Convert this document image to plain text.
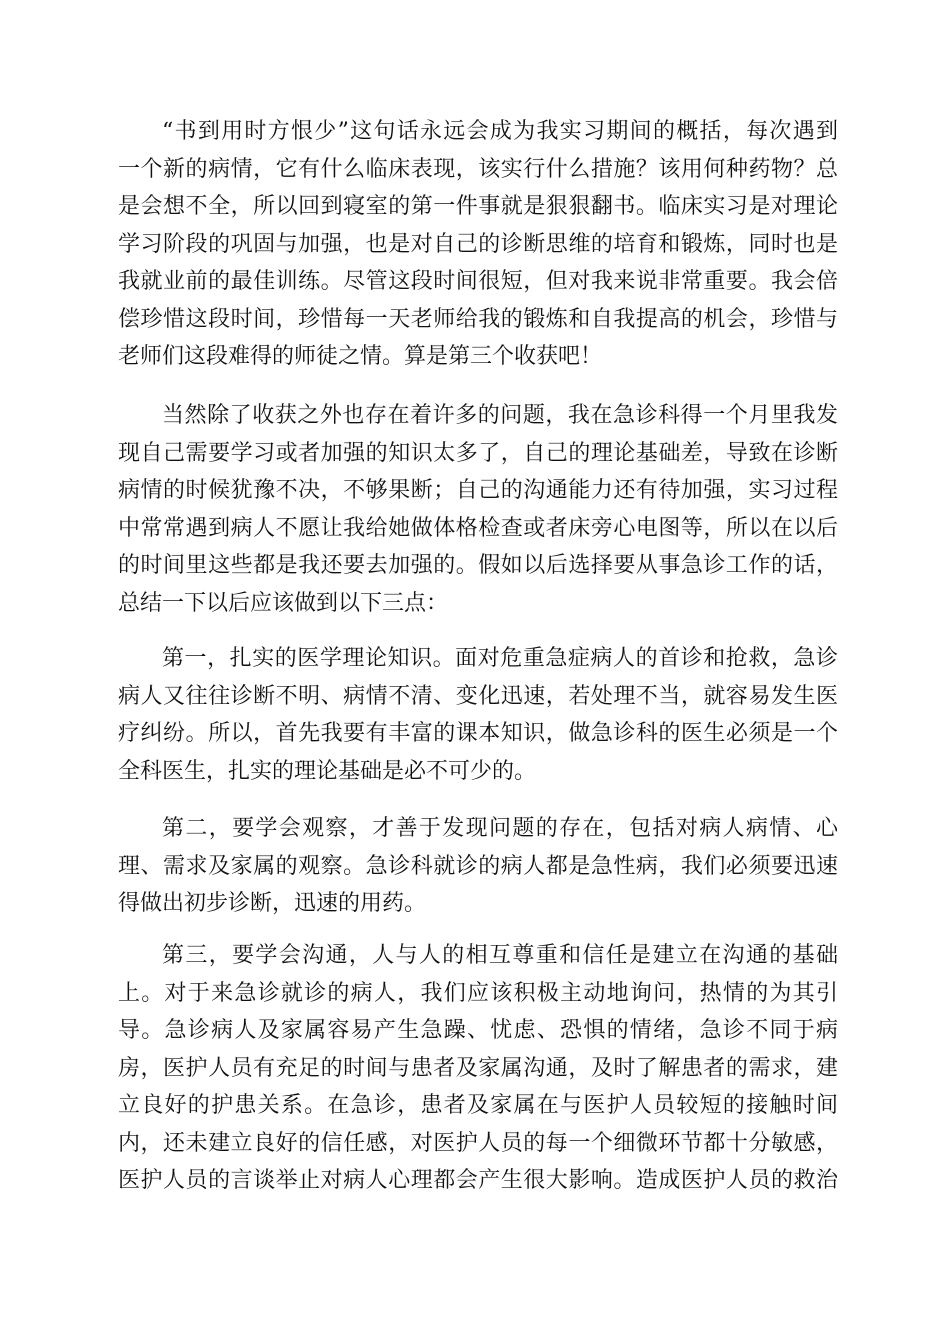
“书到用时方恨少”这句话永远会成为我实习期间的概括，每次遇到
一个新的病情，它有什么临床表现，该实行什么措施？该用何种药物？总
是会想不全，所以回到寝室的第一件事就是狠狠翻书。临床实习是对理论
学习阶段的巩固与加强，也是对自己的诊断思维的培育和锻炼，同时也是
我就业前的最佳训练。尽管这段时间很短，但对我来说非常重要。我会倍
偿珍惜这段时间，珍惜每一天老师给我的锻炼和自我提高的机会，珍惜与
老师们这段难得的师徒之情。算是第三个收获吧！
当然除了收获之外也存在着许多的问题，我在急诊科得一个月里我发
现自己需要学习或者加强的知识太多了，自己的理论基础差，导致在诊断
病情的时候犹豫不决，不够果断；自己的沟通能力还有待加强，实习过程
中常常遇到病人不愿让我给她做体格检查或者床旁心电图等，所以在以后
的时间里这些都是我还要去加强的。假如以后选择要从事急诊工作的话，
总结一下以后应该做到以下三点：
第一，扎实的医学理论知识。面对危重急症病人的首诊和抢救，急诊
病人又往往诊断不明、病情不清、变化迅速，若处理不当，就容易发生医
疗纠纷。所以，首先我要有丰富的课本知识，做急诊科的医生必须是一个
全科医生，扎实的理论基础是必不可少的。
第二，要学会观察，才善于发现问题的存在，包括对病人病情、心
理、需求及家属的观察。急诊科就诊的病人都是急性病，我们必须要迅速
得做出初步诊断，迅速的用药。
第三，要学会沟通，人与人的相互尊重和信任是建立在沟通的基础
上。对于来急诊就诊的病人，我们应该积极主动地询问，热情的为其引
导。急诊病人及家属容易产生急躁、忧虑、恐惧的情绪，急诊不同于病
房，医护人员有充足的时间与患者及家属沟通，及时了解患者的需求，建
立良好的护患关系。在急诊，患者及家属在与医护人员较短的接触时间
内，还未建立良好的信任感，对医护人员的每一个细微环节都十分敏感，
医护人员的言谈举止对病人心理都会产生很大影响。造成医护人员的救治
